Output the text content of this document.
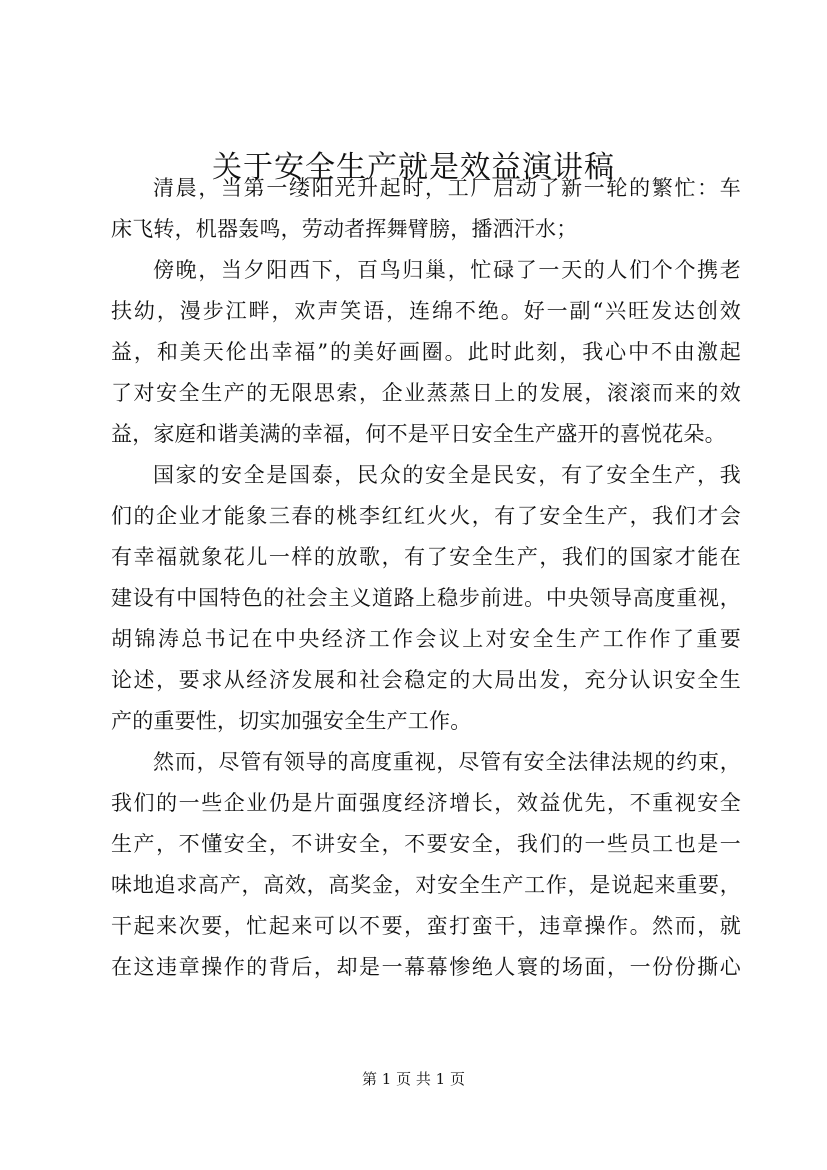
关于安全生产就是效益演讲稿
清晨，当第一缕阳光升起时，工厂启动了新一轮的繁忙：车
床飞转，机器轰鸣，劳动者挥舞臂膀，播洒汗水；
傍晚，当夕阳西下，百鸟归巢，忙碌了一天的人们个个携老
扶幼，漫步江畔，欢声笑语，连绵不绝。好一副“兴旺发达创效
益，和美天伦出幸福”的美好画圈。此时此刻，我心中不由激起
了对安全生产的无限思索，企业蒸蒸日上的发展，滚滚而来的效
益，家庭和谐美满的幸福，何不是平日安全生产盛开的喜悦花朵。
国家的安全是国泰，民众的安全是民安，有了安全生产，我
们的企业才能象三春的桃李红红火火，有了安全生产，我们才会
有幸福就象花儿一样的放歌，有了安全生产，我们的国家才能在
建设有中国特色的社会主义道路上稳步前进。中央领导高度重视，
胡锦涛总书记在中央经济工作会议上对安全生产工作作了重要
论述，要求从经济发展和社会稳定的大局出发，充分认识安全生
产的重要性，切实加强安全生产工作。
然而，尽管有领导的高度重视，尽管有安全法律法规的约束，
我们的一些企业仍是片面强度经济增长，效益优先，不重视安全
生产，不懂安全，不讲安全，不要安全，我们的一些员工也是一
味地追求高产，高效，高奖金，对安全生产工作，是说起来重要，
干起来次要，忙起来可以不要，蛮打蛮干，违章操作。然而，就
在这违章操作的背后，却是一幕幕惨绝人寰的场面，一份份撕心
第 1 页 共 1 页
